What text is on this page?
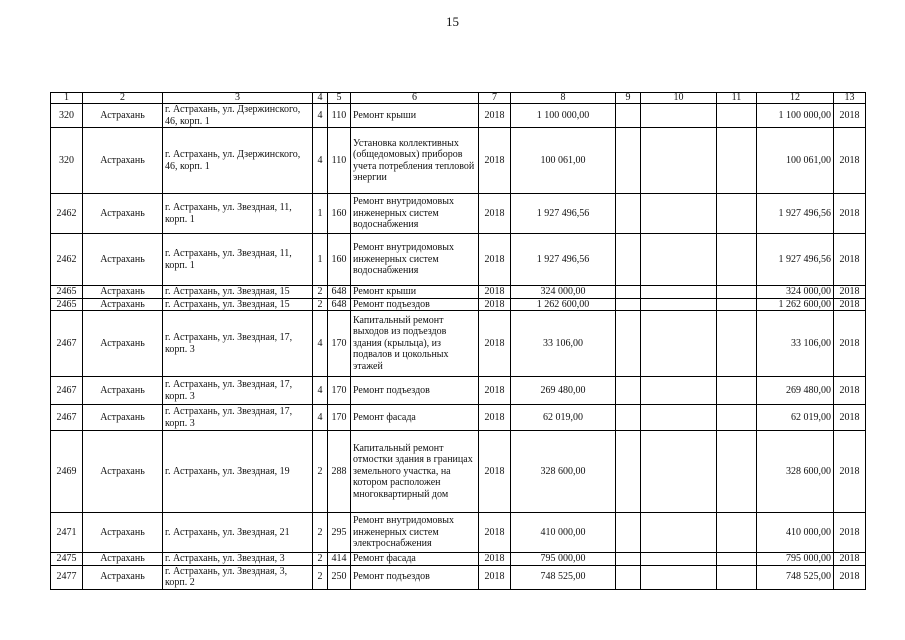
15
1	2	3	4	5	6	7	8	9	10	11	12	13
320	Астрахань	г. Астрахань, ул. Дзержинского, 46, корп. 1	4	110	Ремонт крыши	2018	1 100 000,00				1 100 000,00	2018
320	Астрахань	г. Астрахань, ул. Дзержинского, 46, корп. 1	4	110	Установка коллективных (общедомовых) приборов учета потребления тепловой энергии	2018	100 061,00				100 061,00	2018
2462	Астрахань	г. Астрахань, ул. Звездная, 11, корп. 1	1	160	Ремонт внутридомовых инженерных систем водоснабжения	2018	1 927 496,56				1 927 496,56	2018
2462	Астрахань	г. Астрахань, ул. Звездная, 11, корп. 1	1	160	Ремонт внутридомовых инженерных систем водоснабжения	2018	1 927 496,56				1 927 496,56	2018
2465	Астрахань	г. Астрахань, ул. Звездная, 15	2	648	Ремонт крыши	2018	324 000,00				324 000,00	2018
2465	Астрахань	г. Астрахань, ул. Звездная, 15	2	648	Ремонт подъездов	2018	1 262 600,00				1 262 600,00	2018
2467	Астрахань	г. Астрахань, ул. Звездная, 17, корп. 3	4	170	Капитальный ремонт выходов из подъездов здания (крыльца), из подвалов и цокольных этажей	2018	33 106,00				33 106,00	2018
2467	Астрахань	г. Астрахань, ул. Звездная, 17, корп. 3	4	170	Ремонт подъездов	2018	269 480,00				269 480,00	2018
2467	Астрахань	г. Астрахань, ул. Звездная, 17, корп. 3	4	170	Ремонт фасада	2018	62 019,00				62 019,00	2018
2469	Астрахань	г. Астрахань, ул. Звездная, 19	2	288	Капитальный ремонт отмостки здания в границах земельного участка, на котором расположен многоквартирный дом	2018	328 600,00				328 600,00	2018
2471	Астрахань	г. Астрахань, ул. Звездная, 21	2	295	Ремонт внутридомовых инженерных систем электроснабжения	2018	410 000,00				410 000,00	2018
2475	Астрахань	г. Астрахань, ул. Звездная, 3	2	414	Ремонт фасада	2018	795 000,00				795 000,00	2018
2477	Астрахань	г. Астрахань, ул. Звездная, 3, корп. 2	2	250	Ремонт подъездов	2018	748 525,00				748 525,00	2018
